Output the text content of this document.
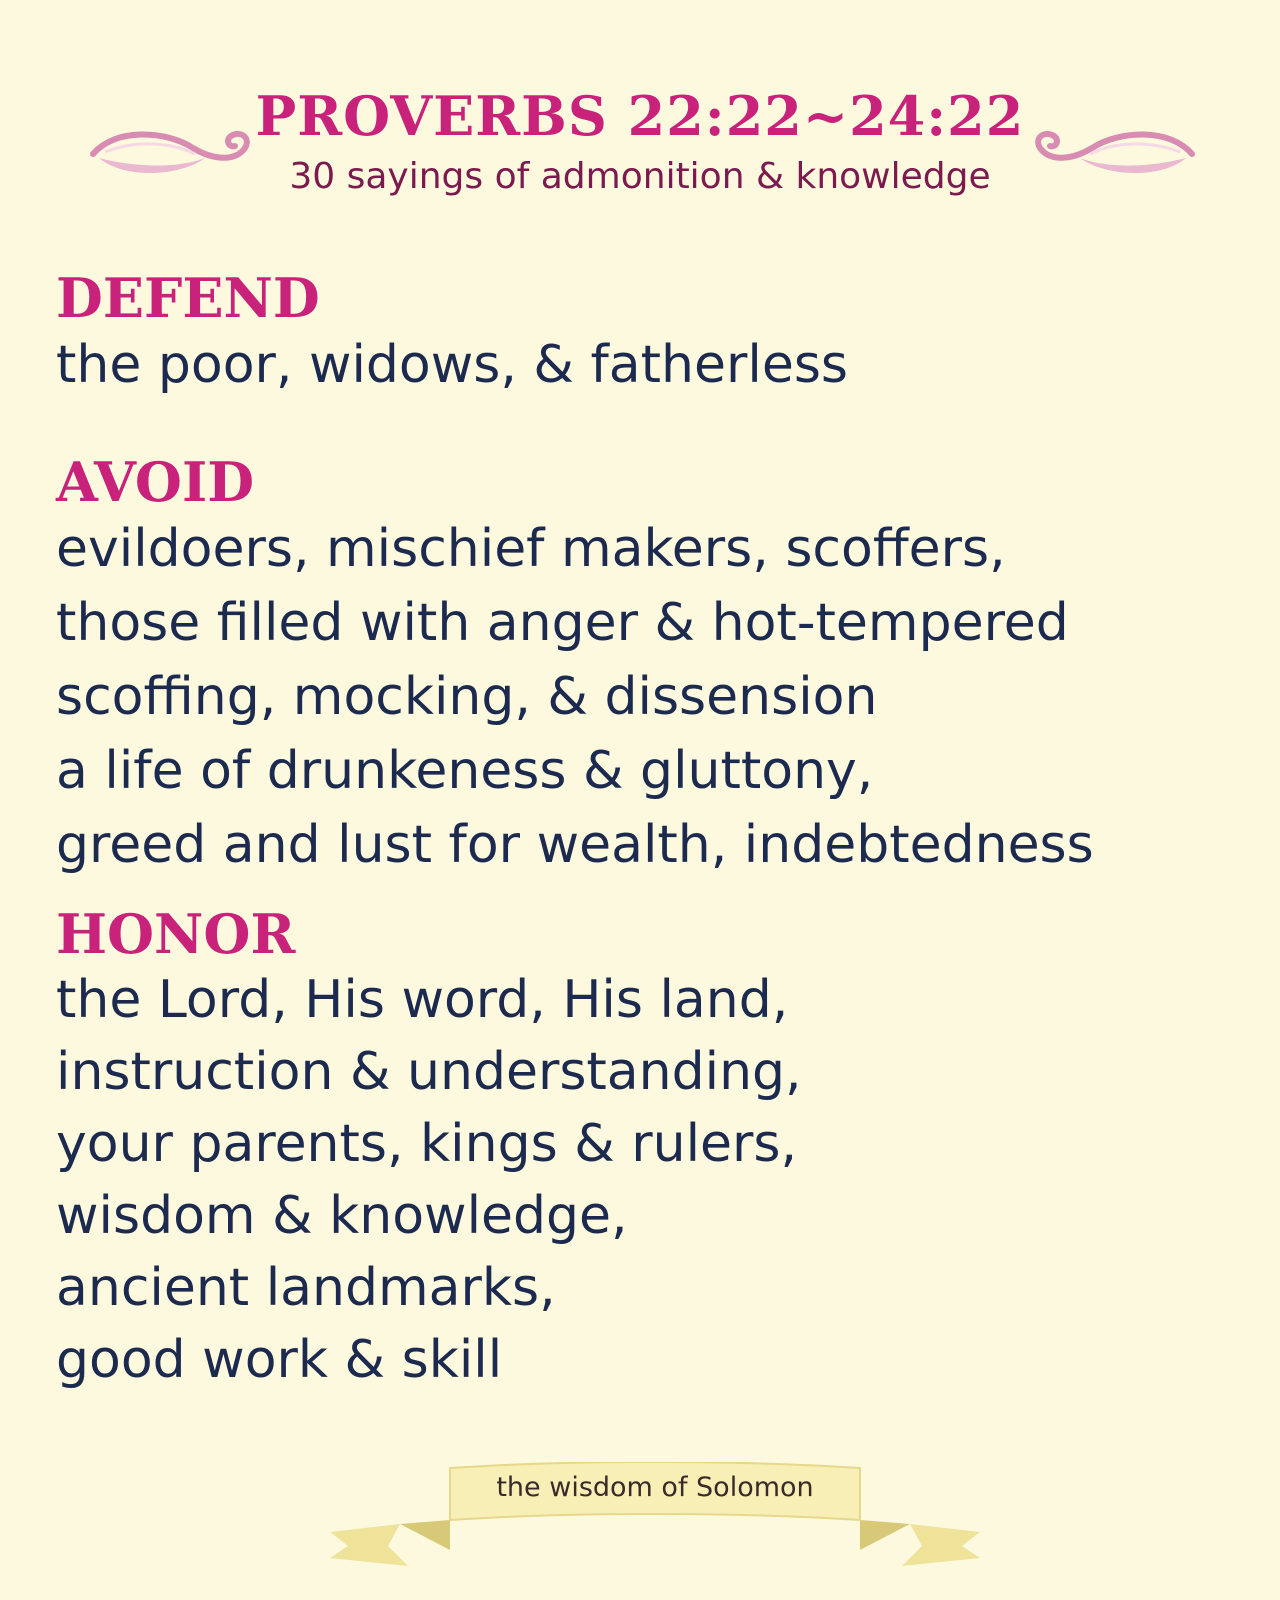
PROVERBS 22:22~24:22

30 sayings of admonition & knowledge

DEFEND
the poor, widows, & fatherless
AVOID
evildoers, mischief makers, scoffers,
those filled with anger & hot-tempered
scoffing, mocking, & dissension
a life of drunkeness & gluttony,
greed and lust for wealth, indebtedness
HONOR
the Lord, His word, His land,
instruction & understanding,
your parents, kings & rulers,
wisdom & knowledge,
ancient landmarks,
good work & skill
the wisdom of Solomon
